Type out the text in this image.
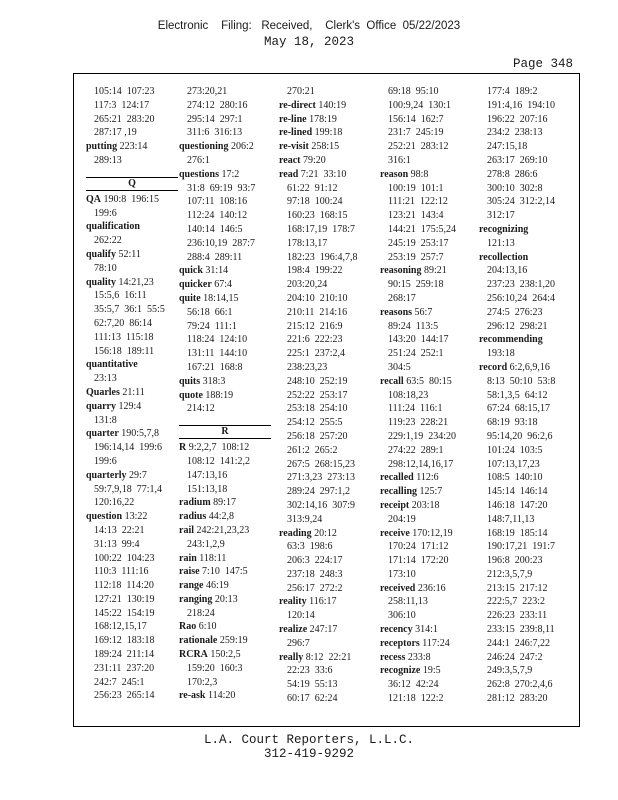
Electronic    Filing:   Received,    Clerk's  Office  05/22/2023
May 18, 2023
Page 348
105:14  107:23
117:3  124:17
265:21  283:20
287:17 ,19
putting 223:14
289:13
Q
QA 190:8  196:15
199:6
qualification
262:22
qualify 52:11
78:10
quality 14:21,23
15:5,6  16:11
35:5,7  36:1  55:5
62:7,20  86:14
111:13  115:18
156:18  189:11
quantitative
23:13
Quarles 21:11
quarry 129:4
131:8
quarter 190:5,7,8
196:14,14  199:6
199:6
quarterly 29:7
59:7,9,18  77:1,4
120:16,22
question 13:22
14:13  22:21
31:13  99:4
100:22  104:23
110:3  111:16
112:18  114:20
127:21  130:19
145:22  154:19
168:12,15,17
169:12  183:18
189:24  211:14
231:11  237:20
242:7  245:1
256:23  265:14
273:20,21
274:12  280:16
295:14  297:1
311:6  316:13
questioning 206:2
276:1
questions 17:2
31:8  69:19  93:7
107:11  108:16
112:24  140:12
140:14  146:5
236:10,19  287:7
288:4  289:11
quick 31:14
quicker 67:4
quite 18:14,15
56:18  66:1
79:24  111:1
118:24  124:10
131:11  144:10
167:21  168:8
quits 318:3
quote 188:19
214:12
R
R 9:2,2,7  108:12
108:12  141:2,2
147:13,16
151:13,18
radium 89:17
radius 44:2,8
rail 242:21,23,23
243:1,2,9
rain 118:11
raise 7:10  147:5
range 46:19
ranging 20:13
218:24
Rao 6:10
rationale 259:19
RCRA 150:2,5
159:20  160:3
170:2,3
re-ask 114:20
270:21
re-direct 140:19
re-line 178:19
re-lined 199:18
re-visit 258:15
react 79:20
read 7:21  33:10
61:22  91:12
97:18  100:24
160:23  168:15
168:17,19  178:7
178:13,17
182:23  196:4,7,8
198:4  199:22
203:20,24
204:10  210:10
210:11  214:16
215:12  216:9
221:6  222:23
225:1  237:2,4
238:23,23
248:10  252:19
252:22  253:17
253:18  254:10
254:12  255:5
256:18  257:20
261:2  265:2
267:5  268:15,23
271:3,23  273:13
289:24  297:1,2
302:14,16  307:9
313:9,24
reading 20:12
63:3  198:6
206:3  224:17
237:18  248:3
256:17  272:2
reality 116:17
120:14
realize 247:17
296:7
really 8:12  22:21
22:23  33:6
54:19  55:13
60:17  62:24
69:18  95:10
100:9,24  130:1
156:14  162:7
231:7  245:19
252:21  283:12
316:1
reason 98:8
100:19  101:1
111:21  122:12
123:21  143:4
144:21  175:5,24
245:19  253:17
253:19  257:7
reasoning 89:21
90:15  259:18
268:17
reasons 56:7
89:24  113:5
143:20  144:17
251:24  252:1
304:5
recall 63:5  80:15
108:18,23
111:24  116:1
119:23  228:21
229:1,19  234:20
274:22  289:1
298:12,14,16,17
recalled 112:6
recalling 125:7
receipt 203:18
204:19
receive 170:12,19
170:24  171:12
171:14  172:20
173:10
received 236:16
258:11,13
306:10
recency 314:1
receptors 117:24
recess 233:8
recognize 19:5
36:12  42:24
121:18  122:2
177:4  189:2
191:4,16  194:10
196:22  207:16
234:2  238:13
247:15,18
263:17  269:10
278:8  286:6
300:10  302:8
305:24  312:2,14
312:17
recognizing
121:13
recollection
204:13,16
237:23  238:1,20
256:10,24  264:4
274:5  276:23
296:12  298:21
recommending
193:18
record 6:2,6,9,16
8:13  50:10  53:8
58:1,3,5  64:12
67:24  68:15,17
68:19  93:18
95:14,20  96:2,6
101:24  103:5
107:13,17,23
108:5  140:10
145:14  146:14
146:18  147:20
148:7,11,13
168:19  185:14
190:17,21  191:7
196:8  200:23
212:3,5,7,9
213:15  217:12
222:5,7  223:2
226:23  233:11
233:15  239:8,11
244:1  246:7,22
246:24  247:2
249:3,5,7,9
262:8  270:2,4,6
281:12  283:20
L.A. Court Reporters, L.L.C.
312-419-9292
